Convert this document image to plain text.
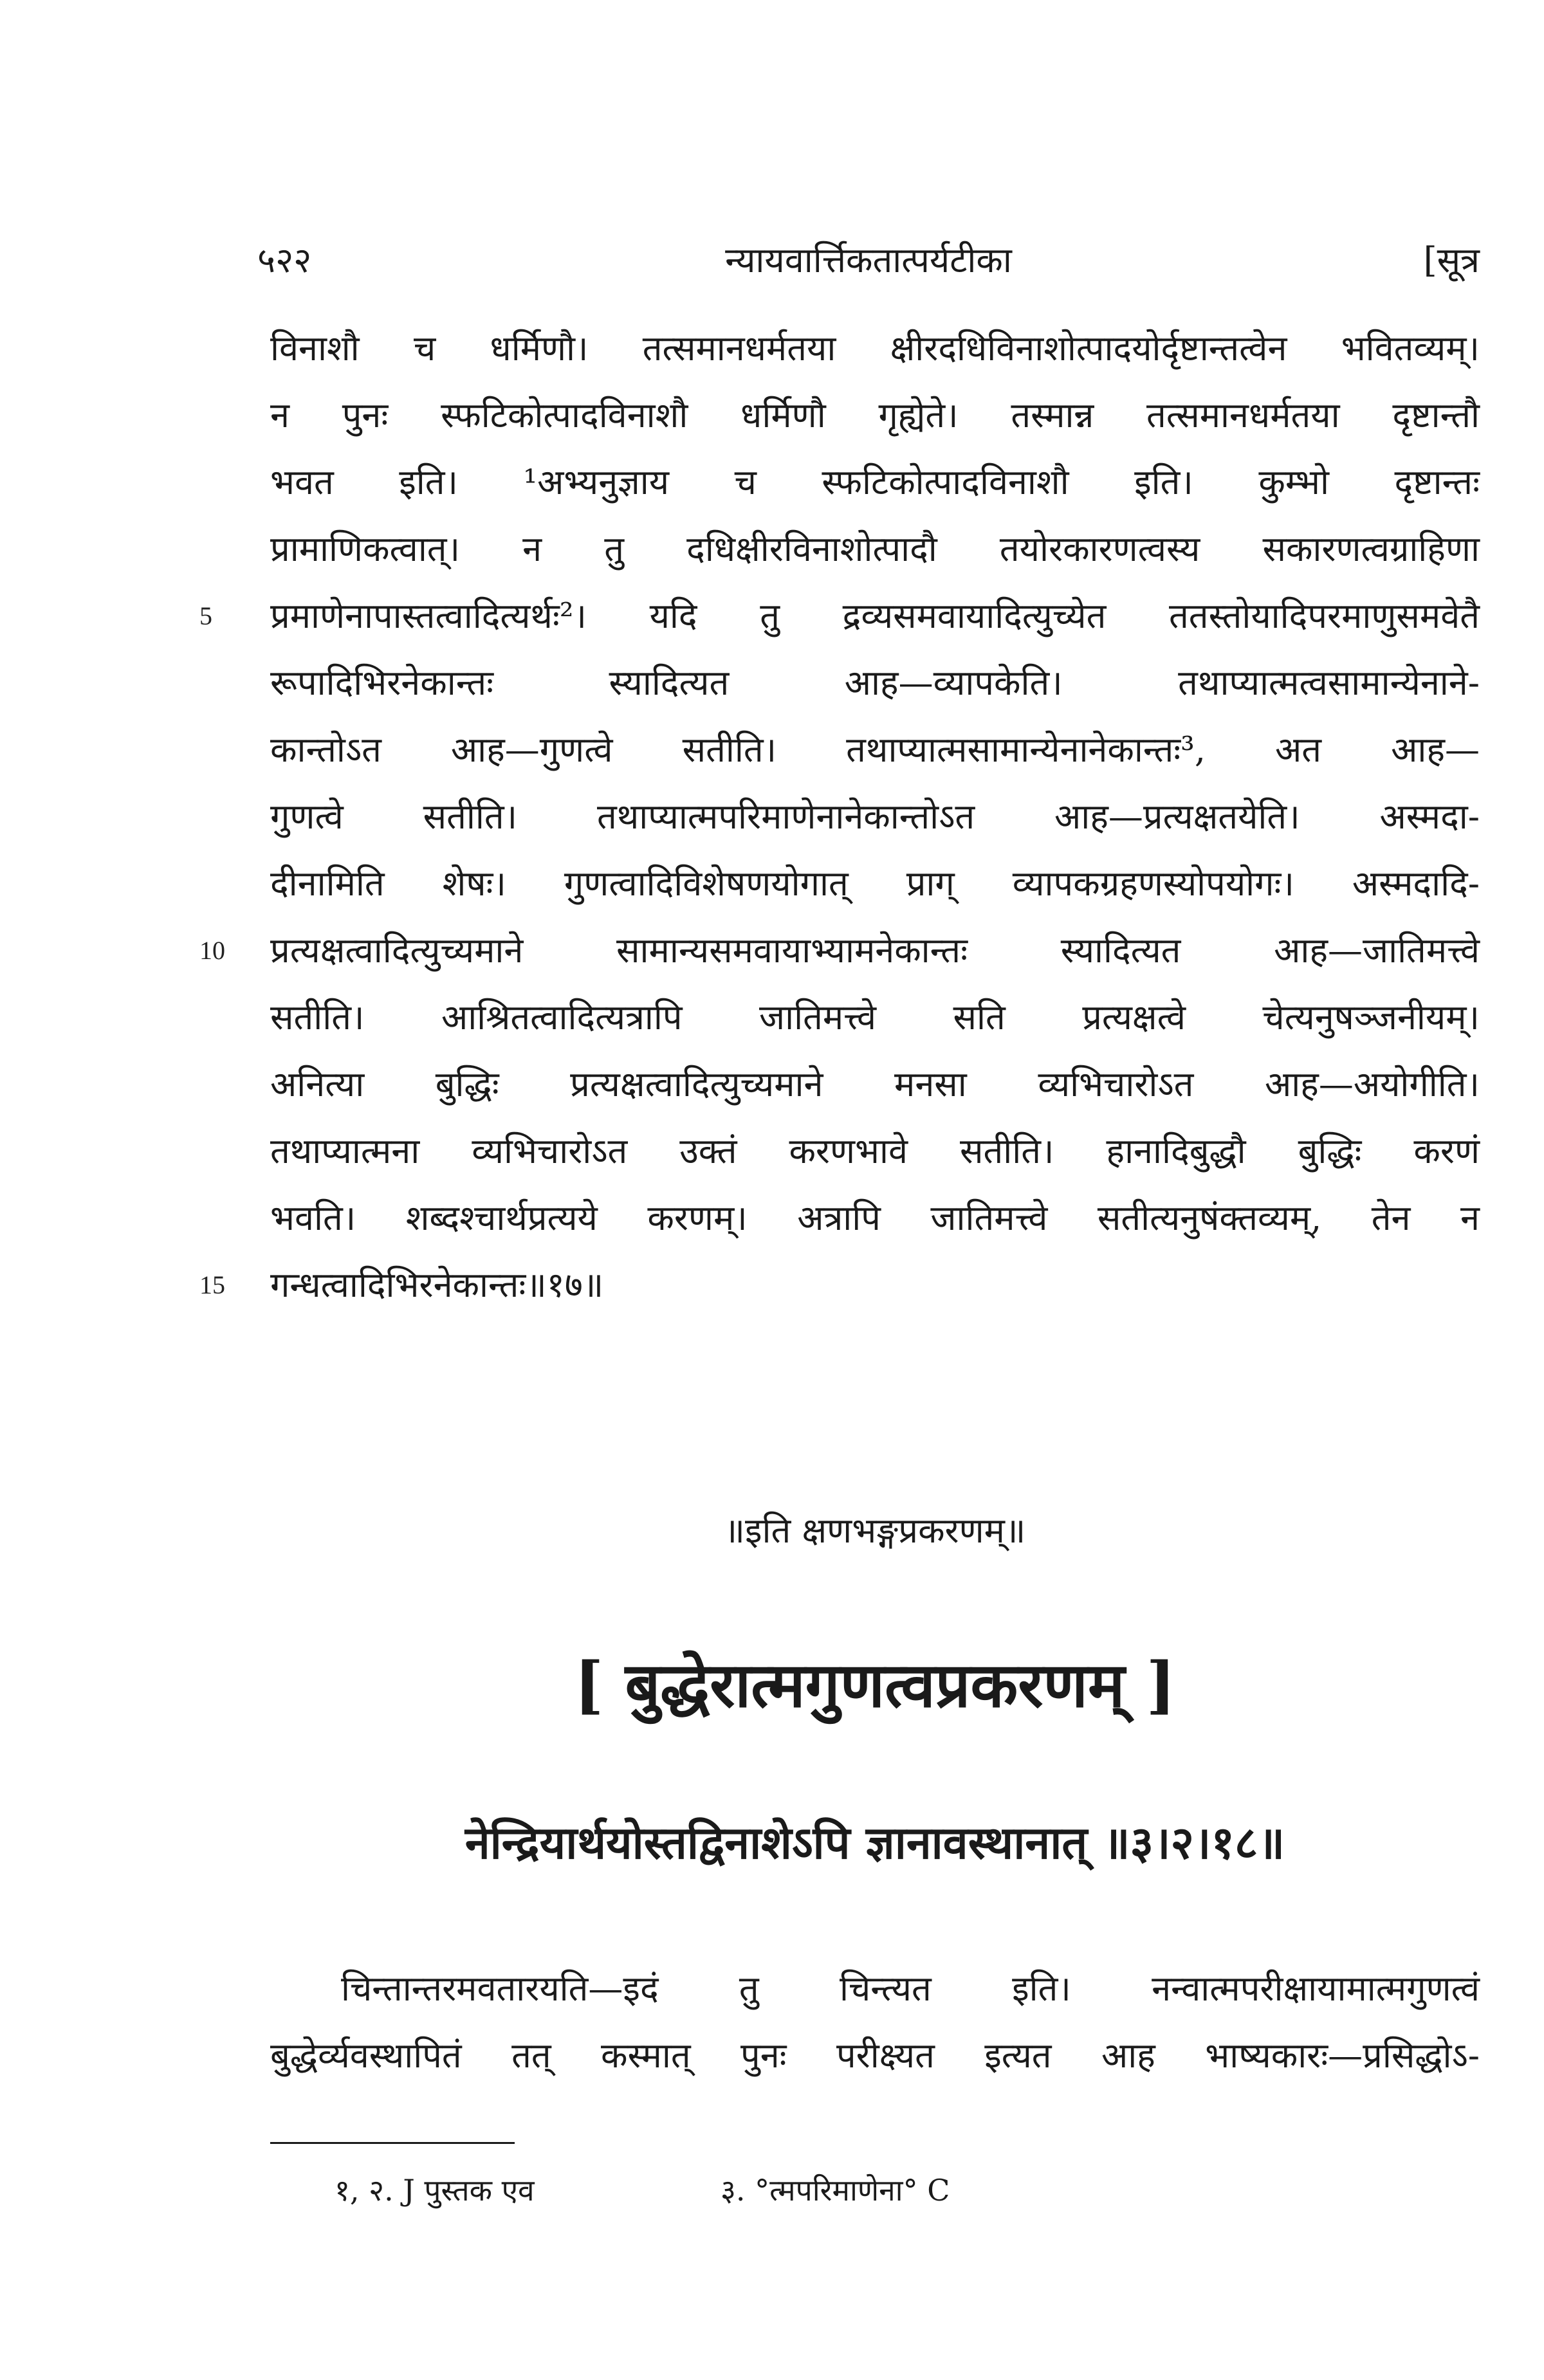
५२२	न्यायवार्त्तिकतात्पर्यटीका	[सूत्र
विनाशौ च धर्मिणौ। तत्समानधर्मतया क्षीरदधिविनाशोत्पादयोर्दृष्टान्तत्वेन भवितव्यम्।
न पुनः स्फटिकोत्पादविनाशौ धर्मिणौ गृह्येते। तस्मान्न तत्समानधर्मतया दृष्टान्तौ
भवत इति। ¹अभ्यनुज्ञाय च स्फटिकोत्पादविनाशौ इति। कुम्भो दृष्टान्तः
प्रामाणिकत्वात्। न तु दधिक्षीरविनाशोत्पादौ तयोरकारणत्वस्य सकारणत्वग्राहिणा
5	प्रमाणेनापास्तत्वादित्यर्थः²। यदि तु द्रव्यसमवायादित्युच्येत ततस्तोयादिपरमाणुसमवेतै
रूपादिभिरनेकान्तः स्यादित्यत आह—व्यापकेति। तथाप्यात्मत्वसामान्येनाने-
कान्तोऽत आह—गुणत्वे सतीति। तथाप्यात्मसामान्येनानेकान्तः³, अत आह—
गुणत्वे सतीति। तथाप्यात्मपरिमाणेनानेकान्तोऽत आह—प्रत्यक्षतयेति। अस्मदा-
दीनामिति शेषः। गुणत्वादिविशेषणयोगात् प्राग् व्यापकग्रहणस्योपयोगः। अस्मदादि-
10	प्रत्यक्षत्वादित्युच्यमाने सामान्यसमवायाभ्यामनेकान्तः स्यादित्यत आह—जातिमत्त्वे
सतीति। आश्रितत्वादित्यत्रापि जातिमत्त्वे सति प्रत्यक्षत्वे चेत्यनुषञ्जनीयम्।
अनित्या बुद्धिः प्रत्यक्षत्वादित्युच्यमाने मनसा व्यभिचारोऽत आह—अयोगीति।
तथाप्यात्मना व्यभिचारोऽत उक्तं करणभावे सतीति। हानादिबुद्धौ बुद्धिः करणं
भवति। शब्दश्चार्थप्रत्यये करणम्। अत्रापि जातिमत्त्वे सतीत्यनुषंक्तव्यम्, तेन न
15	गन्धत्वादिभिरनेकान्तः॥१७॥
॥इति क्षणभङ्गप्रकरणम्॥
[ बुद्धेरात्मगुणत्वप्रकरणम् ]
नेन्द्रियार्थयोस्तद्विनाशेऽपि ज्ञानावस्थानात् ॥३।२।१८॥
चिन्तान्तरमवतारयति—इदं तु चिन्त्यत इति। नन्वात्मपरीक्षायामात्मगुणत्वं
बुद्धेर्व्यवस्थापितं तत् कस्मात् पुनः परीक्ष्यत इत्यत आह भाष्यकारः—प्रसिद्धोऽ-
१, २. J पुस्तक एव	३. °त्मपरिमाणेना° C
